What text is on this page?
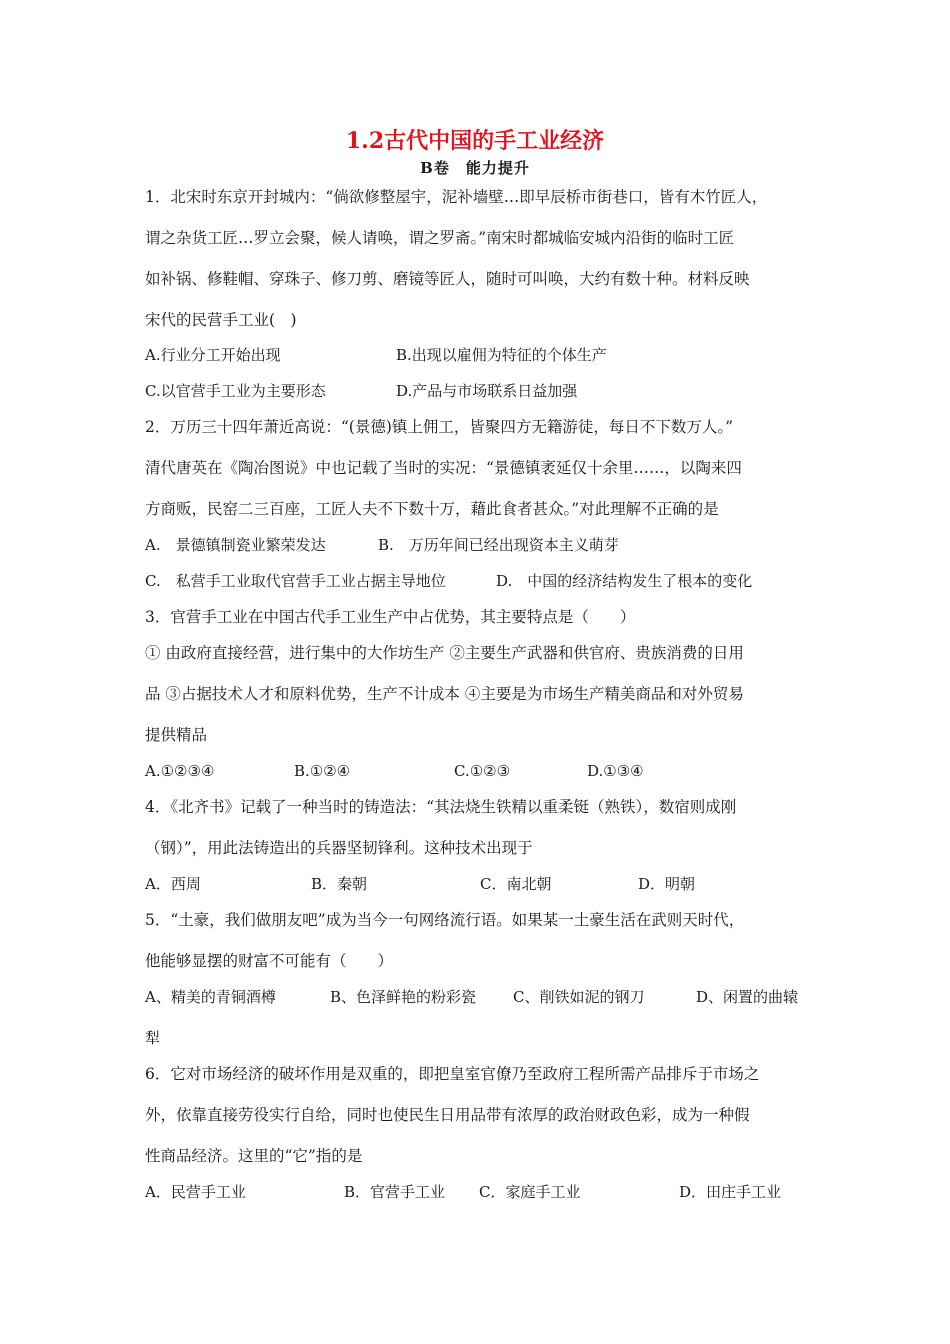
1.2古代中国的手工业经济
B卷　能力提升
1．北宋时东京开封城内：“倘欲修整屋宇，泥补墙壁…即早辰桥市街巷口，皆有木竹匠人，
谓之杂货工匠…罗立会聚，候人请唤，谓之罗斋。”南宋时都城临安城内沿街的临时工匠
如补锅、修鞋帽、穿珠子、修刀剪、磨镜等匠人，随时可叫唤，大约有数十种。材料反映
宋代的民营手工业(　)
A.行业分工开始出现	B.出现以雇佣为特征的个体生产
C.以官营手工业为主要形态	D.产品与市场联系日益加强
2．万历三十四年萧近高说：“(景德)镇上佣工，皆聚四方无籍游徒，每日不下数万人。”
清代唐英在《陶冶图说》中也记载了当时的实况：“景德镇袤延仅十余里……，以陶来四
方商贩，民窑二三百座，工匠人夫不下数十万，藉此食者甚众。”对此理解不正确的是
A.　景德镇制瓷业繁荣发达	B.　万历年间已经出现资本主义萌芽
C.　私营手工业取代官营手工业占据主导地位	D.　中国的经济结构发生了根本的变化
3．官营手工业在中国古代手工业生产中占优势，其主要特点是（　　）
① 由政府直接经营，进行集中的大作坊生产 ②主要生产武器和供官府、贵族消费的日用
品 ③占据技术人才和原料优势，生产不计成本 ④主要是为市场生产精美商品和对外贸易
提供精品
A.①②③④	B.①②④	C.①②③	D.①③④
4．《北齐书》记载了一种当时的铸造法：“其法烧生铁精以重柔铤（熟铁），数宿则成刚
（钢）”，用此法铸造出的兵器坚韧锋利。这种技术出现于
A．西周	B．秦朝	C．南北朝	D．明朝
5．“土豪，我们做朋友吧”成为当今一句网络流行语。如果某一土豪生活在武则天时代，
他能够显摆的财富不可能有（　　）
A、精美的青铜酒樽	B、色泽鲜艳的粉彩瓷 C、削铁如泥的钢刀	D、闲置的曲辕
犁
6．它对市场经济的破坏作用是双重的，即把皇室官僚乃至政府工程所需产品排斥于市场之
外，依靠直接劳役实行自给，同时也使民生日用品带有浓厚的政治财政色彩，成为一种假
性商品经济。这里的“它”指的是
A．民营手工业	B．官营手工业 C．家庭手工业	D．田庄手工业
